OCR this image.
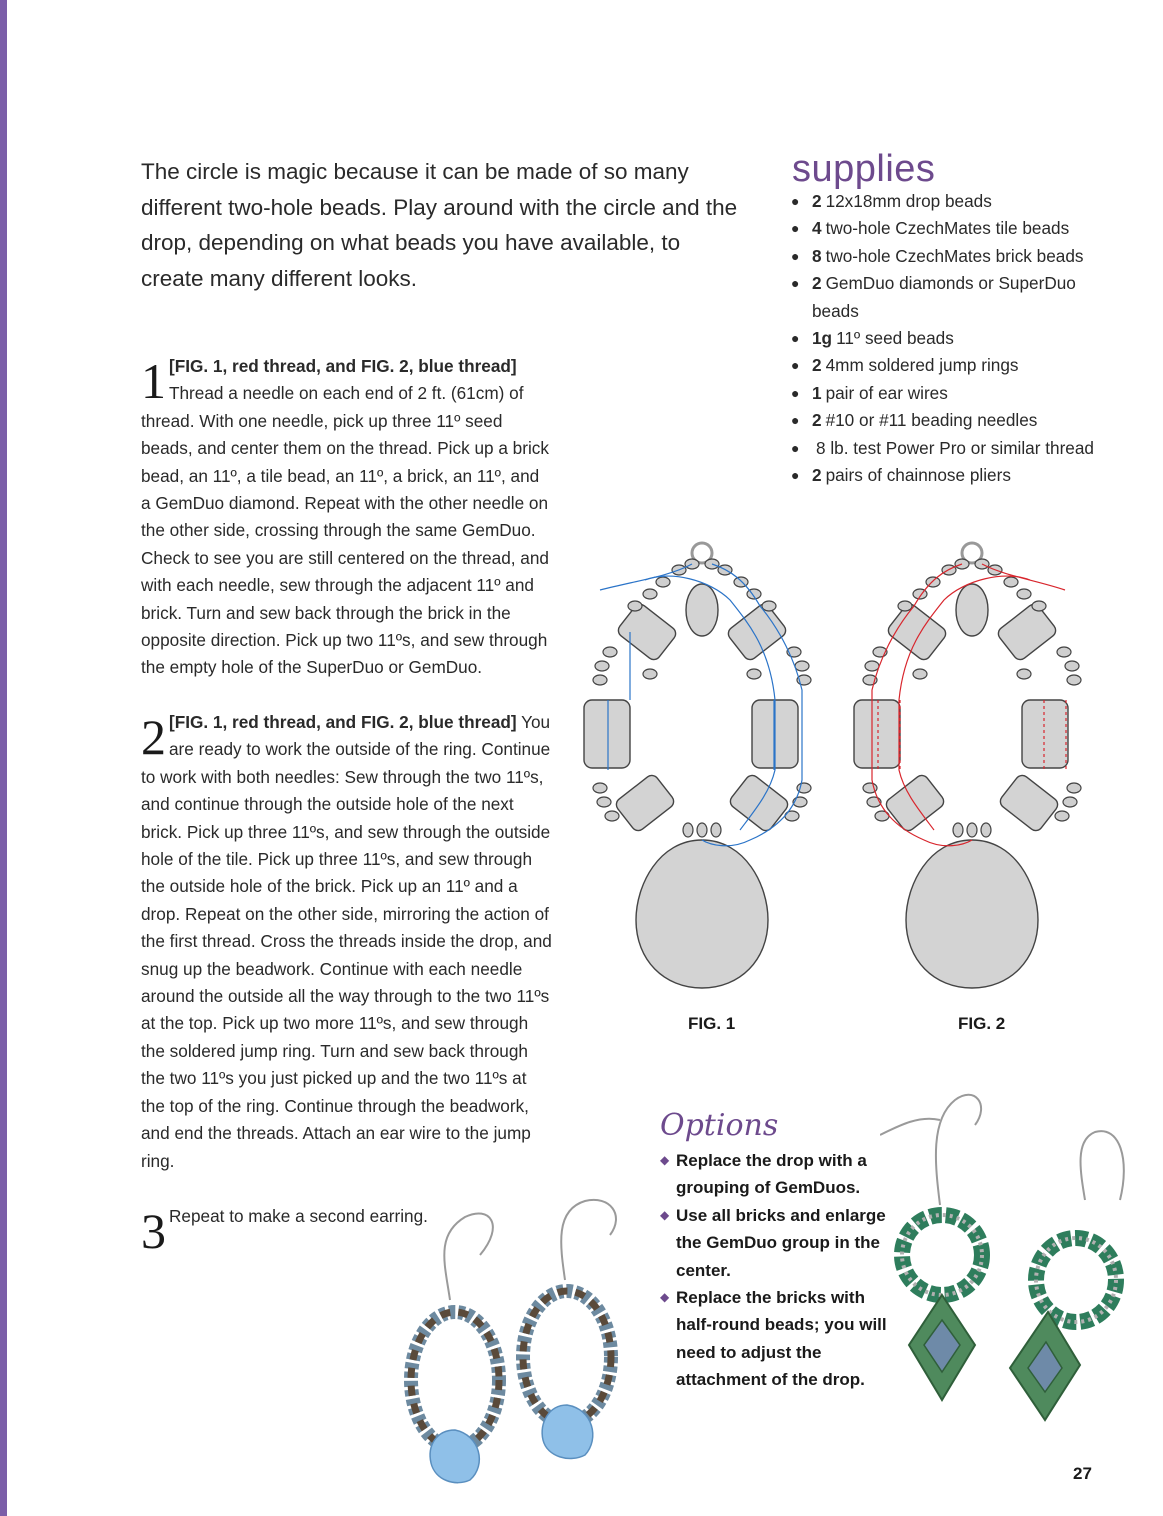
The circle is magic because it can be made of so many different two-hole beads. Play around with the circle and the drop, depending on what beads you have available, to create many different looks.

supplies
● 2 12x18mm drop beads
● 4 two-hole CzechMates tile beads
● 8 two-hole CzechMates brick beads
● 2 GemDuo diamonds or SuperDuo beads
● 1g 11º seed beads
● 2 4mm soldered jump rings
● 1 pair of ear wires
● 2 #10 or #11 beading needles
● 8 lb. test Power Pro or similar thread
● 2 pairs of chainnose pliers
1 [FIG. 1, red thread, and FIG. 2, blue thread] Thread a needle on each end of 2 ft. (61cm) of thread. With one needle, pick up three 11º seed beads, and center them on the thread. Pick up a brick bead, an 11º, a tile bead, an 11º, a brick, an 11º, and a GemDuo diamond. Repeat with the other needle on the other side, crossing through the same GemDuo. Check to see you are still centered on the thread, and with each needle, sew through the adjacent 11º and brick. Turn and sew back through the brick in the opposite direction. Pick up two 11ºs, and sew through the empty hole of the SuperDuo or GemDuo.
2 [FIG. 1, red thread, and FIG. 2, blue thread] You are ready to work the outside of the ring. Continue to work with both needles: Sew through the two 11ºs, and continue through the outside hole of the next brick. Pick up three 11ºs, and sew through the outside hole of the tile. Pick up three 11ºs, and sew through the outside hole of the brick. Pick up an 11º and a drop. Repeat on the other side, mirroring the action of the first thread. Cross the threads inside the drop, and snug up the beadwork. Continue with each needle around the outside all the way through to the two 11ºs at the top. Pick up two more 11ºs, and sew through the soldered jump ring. Turn and sew back through the two 11ºs you just picked up and the two 11ºs at the top of the ring. Continue through the beadwork, and end the threads. Attach an ear wire to the jump ring.
3 Repeat to make a second earring.
FIG. 1	FIG. 2
Options
◆ Replace the drop with a grouping of GemDuos.
◆ Use all bricks and enlarge the GemDuo group in the center.
◆ Replace the bricks with half-round beads; you will need to adjust the attachment of the drop.
27
